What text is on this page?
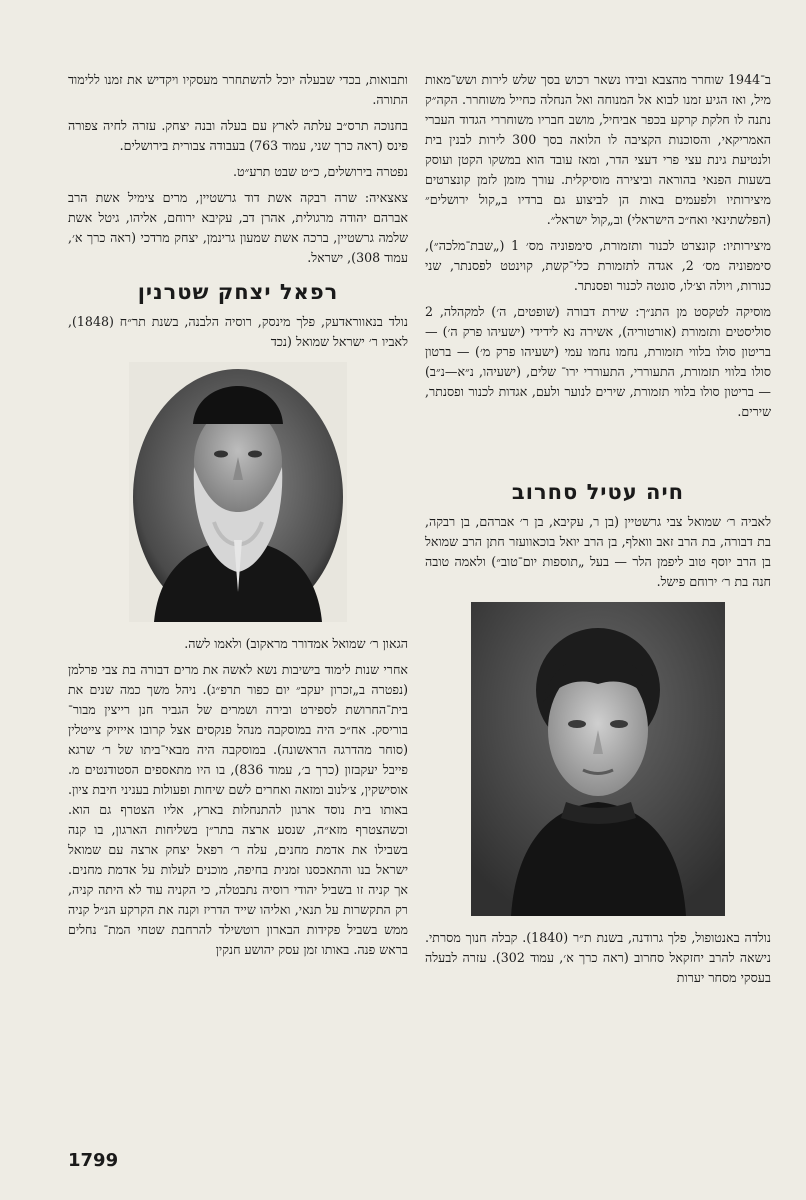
ב־1944 שוחרר מהצבא ובידו נשאר רכוש בסך שלש לירות ושש־מאות מיל, ואז הגיע זמנו לבוא אל המנוחה ואל הנחלה כחייל משוחרר. הקה״ק נתנה לו חלקת קרקע בכפר אביחיל, מושב חבריו משוחררי הגדוד העברי האמריקאי, והסוכנות הקציבה לו הלואה בסך 300 לירות לבנין בית ולנטיעת גינת עצי פרי דעצי הדר, ומאז עובד הוא במשקו הקטן ועוסק בשעות הפנאי בהוראה וביצירה מוסיקלית. עורך מזמן לזמן קונצרטים מיצירותיו ולפעמים באות הן לביצוע גם ברדיו ב„קול ירושלים״ (הפלשתינאי ואח״כ הישראלי) וב„קול ישראל״.

מיצירותיו: קונצרט לכנור ותזמורת, סימפוניה מס׳ 1 („שבת־מלכה״), סימפוניה מס׳ 2, אגדה לתזמורת כלי־קשת, קוינטט לפסנתר, שני כנורות, ויולה וצ׳לו, סונטה לכנור ופסנתר.

מוסיקה לטקסט מן התנ״ך: שירת דבורה (שופטים, ה׳) למקהלה, 2 סוליסטים ותזמורת (אורטוריה), אשירה נא לידידי (ישעיהו פרק ה׳) — בריטון סולו בלווי תזמורת, נחמו נחמו עמי (ישעיהו פרק מ׳) — ברטון סולו בלווי תזמורת, התעוררי, התעוררי ירו־ שלים, (ישעיהו, נ״א—נ״ב) — בריטון סולו בלווי תזמורת, שירים לנוער ולעם, אגדות לכנור ופסנתר, שירים.

חיה עטיל סחרוב

לאביה ר׳ שמואל צבי גרשטיין (בן ר, עקיבא, בן ר׳ אברהם, בן רבקה, בת דבורה, בת הרב זאב וואלף, בן הרב יואל בוכאוועזר חתן הרב שמואל בן הרב יוסף טוב ליפמן הלר — בעל „תוספות יום־טוב״) ולאמה טובה חנה בת ר׳ ירוחם פישל.

נולדה באנטופול, פלך גרודנה, בשנת ת״ר (1840). קבלה חנוך מסרתי. נישאה להרב יחזקאל סחרוב (ראה כרך א׳, עמוד 302). עזרה לבעלה בעסקי מסחר יערות

ותבואות, בכדי שבעלה יוכל להשתחרר מעסקיו ויקדיש את זמנו ללימוד התורה.

בחנוכה תרס״ב עלתה לארץ עם בעלה ובנה יצחק. עזרה לחיה צפורה פינס (ראה כרך שני, עמוד 763) בעבודה צבורית בירושלים.

נפטרה בירושלים, כ״ט שבט תרע״ט.

צאצאיה: שרה רבקה אשת דוד גרשטיין, מרים צימיל אשת הרב אברהם יהודה מרגולית, אהרן דב, עקיבא ירוחם, אליהו, גיטל אשת שלמה גרשטיין, ברכה אשת שמעון גרינמן, יצחק מרדכי (ראה כרך א׳, עמוד 308), ישראל.

רפאל יצחק שטרנין

נולד בנאווראדעק, פלך מינסק, רוסיה הלבנה, בשנת תר״ח (1848), לאביו ר׳ ישראל שמואל (נכד

הגאון ר׳ שמואל אמדורר מראקוב) ולאמו לשה.

אחרי שנות לימוד בישיבות נשא לאשה את מרים דבורה בת צבי פרלמן (נפטרה ב„זכרון יעקב״ יום כפור תרפ״ג). ניהל משך כמה שנים את בית־החרושת לספירט ובירה ושמרים של הגביר חנן רייצין מבור־ בוריסק. אח״כ היה במוסקבה מנהל פנקסים אצל קרובו אייזיק צייטלין (סוחר מהדרגה הראשונה). במוסקבה היה מבאי־ביתו של ר׳ שרגא פייבל יעקבזון (כרך ב׳, עמוד 836), בו היו מתאספים הסטודנטים מ. אוסישקין, צ׳לנוב ומזאה ואחרים לשם שיחות ופעולות בעניני חיבת ציון. באותו בית נוסד ארגון להתנחלות בארץ, אליו הצטרף גם הוא. וכשהצטרף מזא״ה, שנסע ארצה בתר״ן בשליחות הארגון, בו קנה בשבילו את אדמת מחנים, עלה ר׳ רפאל יצחק ארצה עם שמואל ישראל בנו והתאכסנו זמנית בחיפה, מוכנים לעלות על אדמת מחנים. אך קניה זו בשביל יהודי רוסיה נתבטלה, כי הקניה עוד לא היתה קניה, רק התקשרות על תנאי, ואליהו שייד הדריז וקנה את הקרקע הנ״ל קניה ממש בשביל פקידות הבארון רוטשילד להרחבת שטחי המת־ נחלים בראש פנה. באותו זמן עסק יהושע חנקין

1799
